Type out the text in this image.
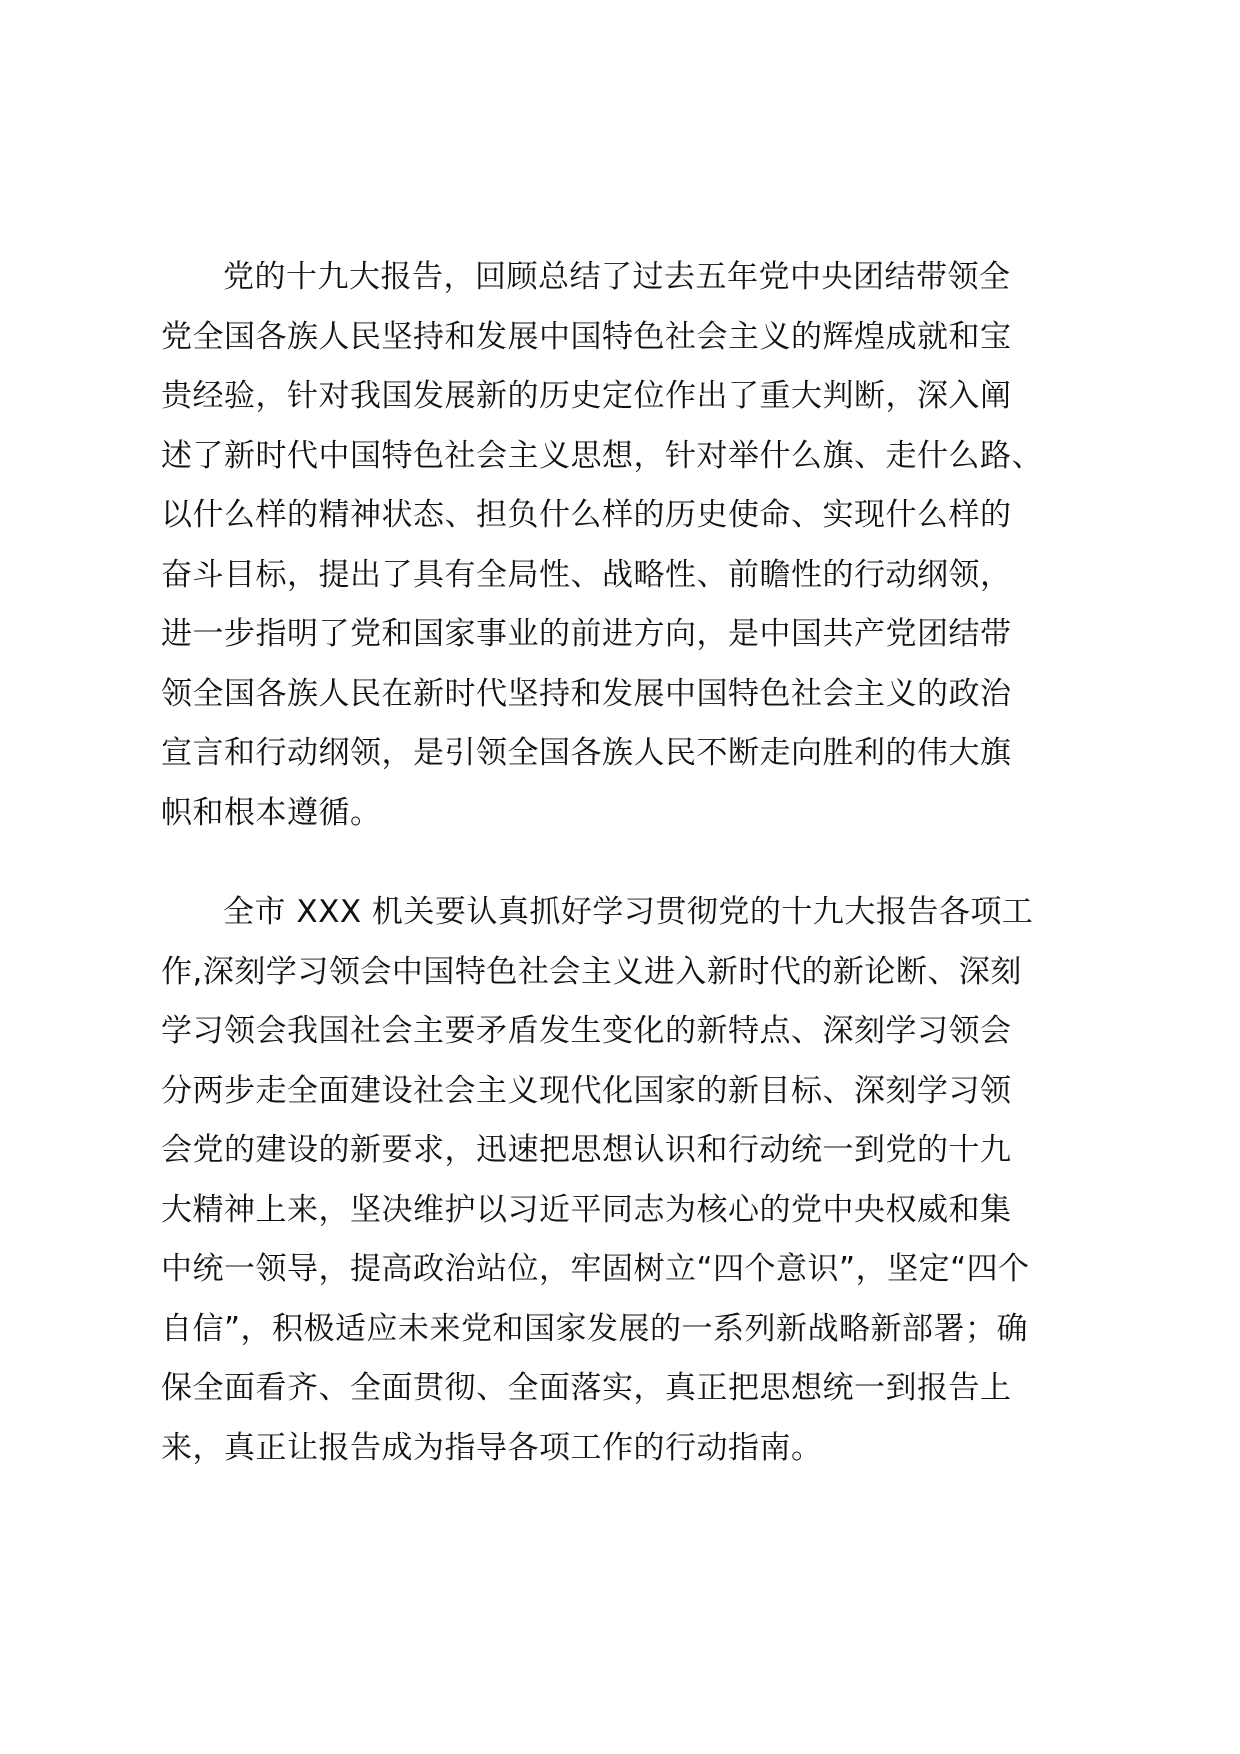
党的十九大报告，回顾总结了过去五年党中央团结带领全
党全国各族人民坚持和发展中国特色社会主义的辉煌成就和宝
贵经验，针对我国发展新的历史定位作出了重大判断，深入阐
述了新时代中国特色社会主义思想，针对举什么旗、走什么路、
以什么样的精神状态、担负什么样的历史使命、实现什么样的
奋斗目标，提出了具有全局性、战略性、前瞻性的行动纲领，
进一步指明了党和国家事业的前进方向，是中国共产党团结带
领全国各族人民在新时代坚持和发展中国特色社会主义的政治
宣言和行动纲领，是引领全国各族人民不断走向胜利的伟大旗
帜和根本遵循。

全市 XXX 机关要认真抓好学习贯彻党的十九大报告各项工
作,深刻学习领会中国特色社会主义进入新时代的新论断、深刻
学习领会我国社会主要矛盾发生变化的新特点、深刻学习领会
分两步走全面建设社会主义现代化国家的新目标、深刻学习领
会党的建设的新要求，迅速把思想认识和行动统一到党的十九
大精神上来，坚决维护以习近平同志为核心的党中央权威和集
中统一领导，提高政治站位，牢固树立“四个意识”，坚定“四个
自信”，积极适应未来党和国家发展的一系列新战略新部署；确
保全面看齐、全面贯彻、全面落实，真正把思想统一到报告上
来，真正让报告成为指导各项工作的行动指南。
